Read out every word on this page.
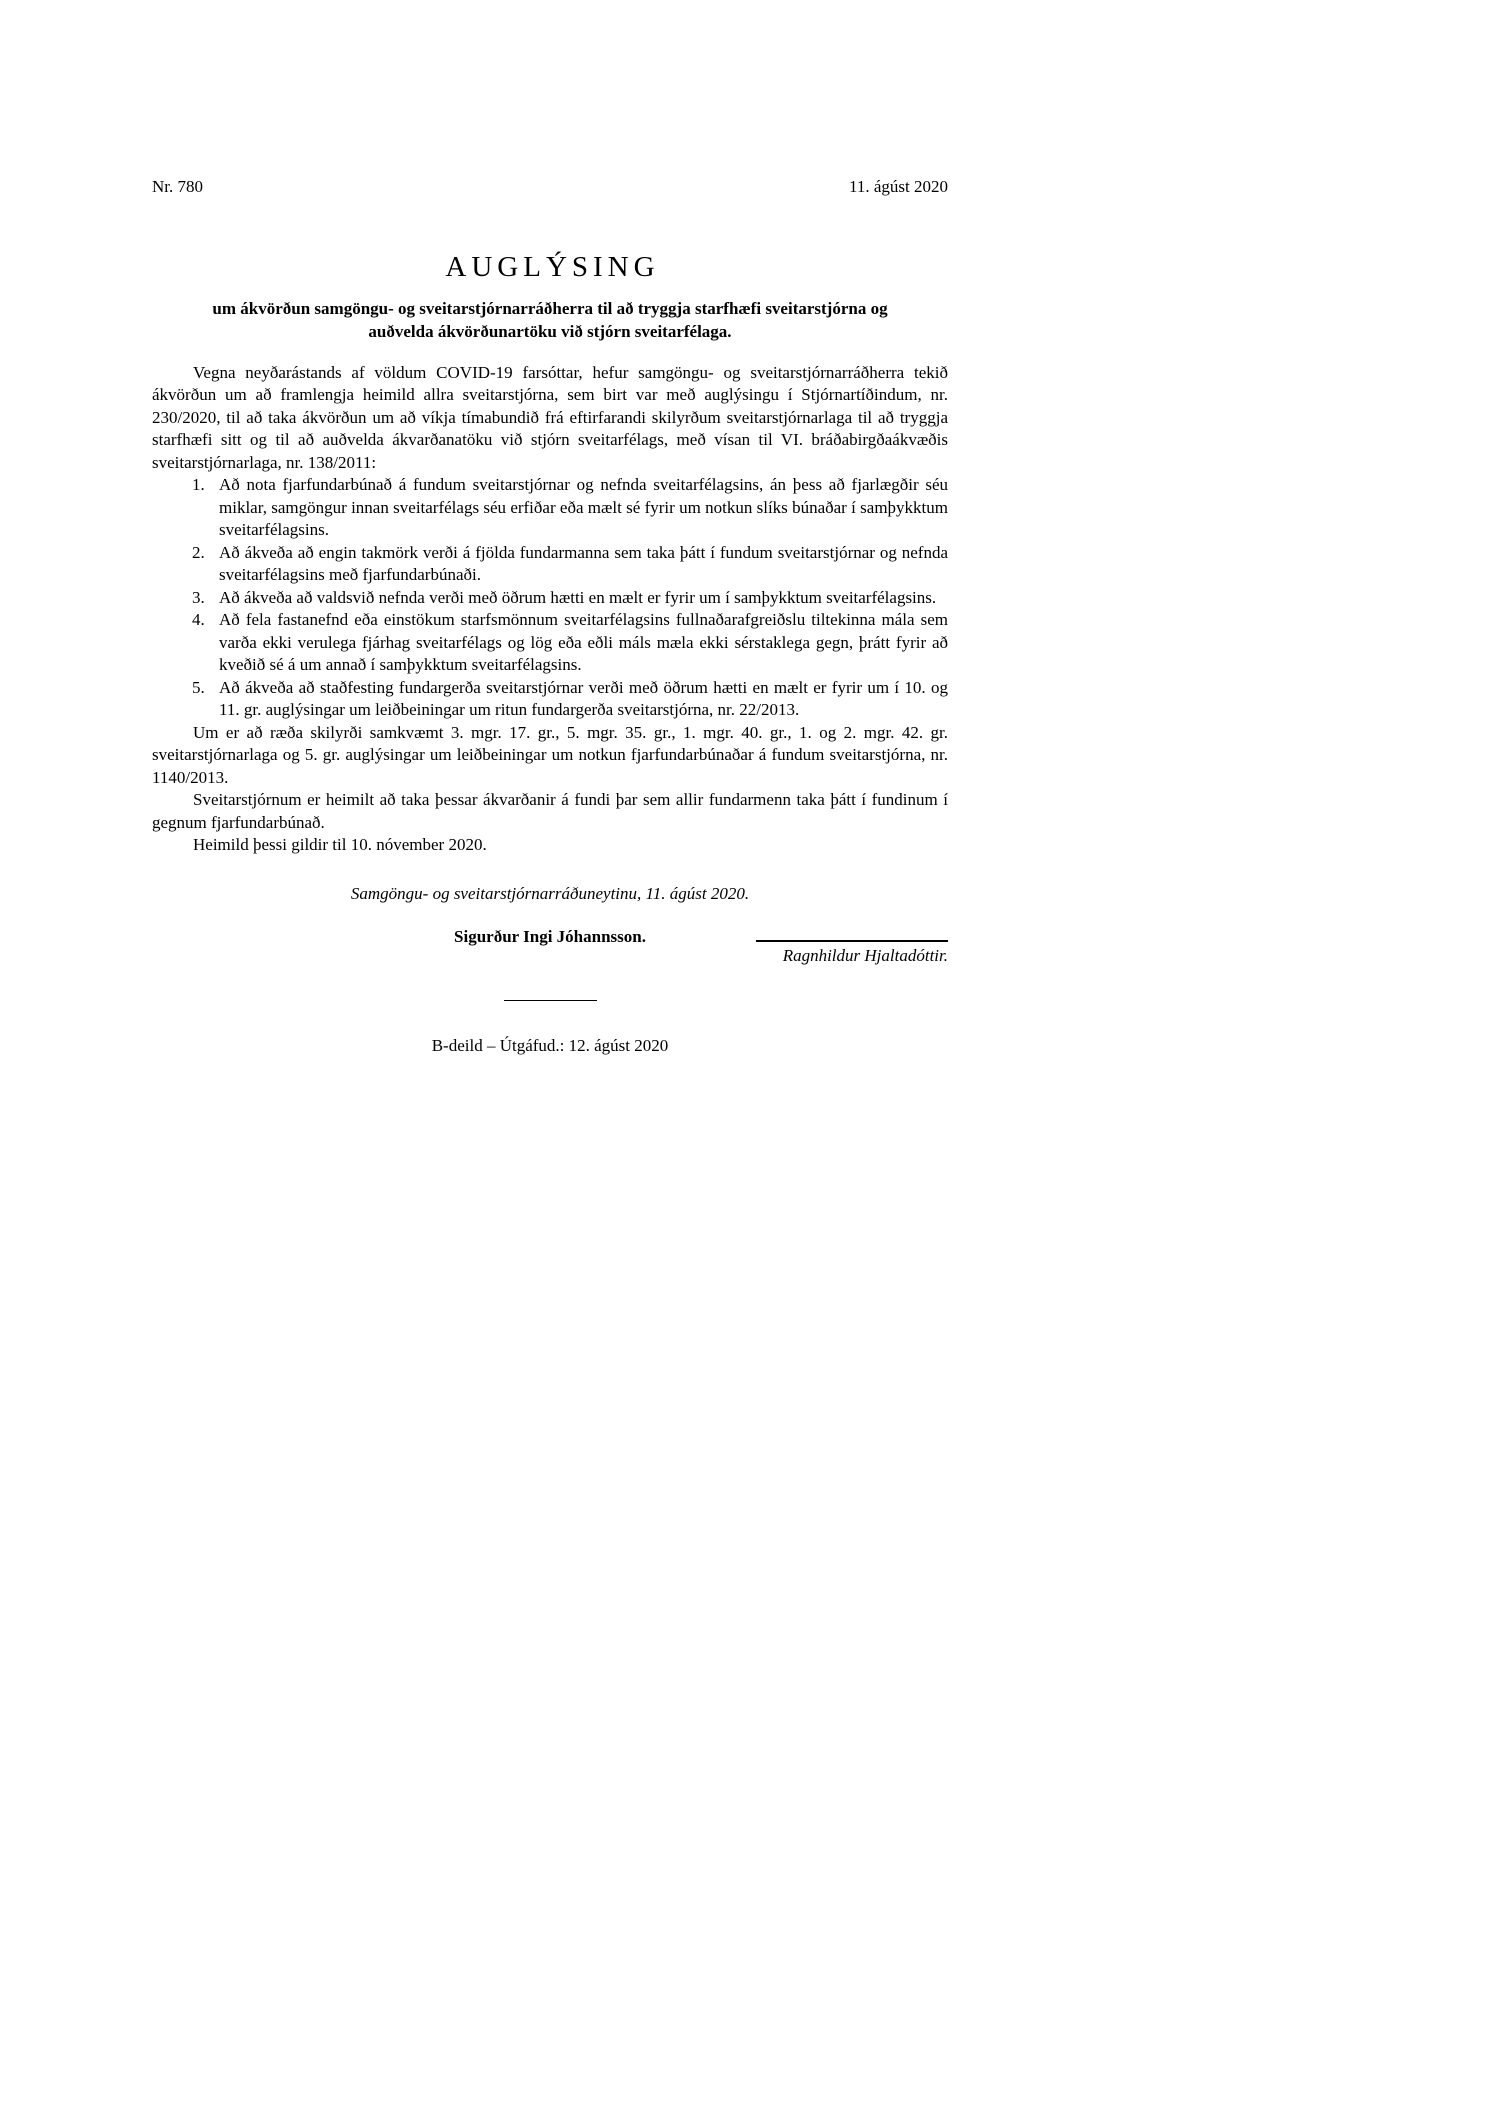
Nr. 780	11. ágúst 2020
AUGLÝSING
um ákvörðun samgöngu- og sveitarstjórnarráðherra til að tryggja starfhæfi sveitarstjórna og auðvelda ákvörðunartöku við stjórn sveitarfélaga.

Vegna neyðarástands af völdum COVID-19 farsóttar, hefur samgöngu- og sveitarstjórnarráðherra tekið ákvörðun um að framlengja heimild allra sveitarstjórna, sem birt var með auglýsingu í Stjórnartíðindum, nr. 230/2020, til að taka ákvörðun um að víkja tímabundið frá eftirfarandi skilyrðum sveitarstjórnarlaga til að tryggja starfhæfi sitt og til að auðvelda ákvarðanatöku við stjórn sveitarfélags, með vísan til VI. bráðabirgðaákvæðis sveitarstjórnarlaga, nr. 138/2011:

1. Að nota fjarfundarbúnað á fundum sveitarstjórnar og nefnda sveitarfélagsins, án þess að fjarlægðir séu miklar, samgöngur innan sveitarfélags séu erfiðar eða mælt sé fyrir um notkun slíks búnaðar í samþykktum sveitarfélagsins.
2. Að ákveða að engin takmörk verði á fjölda fundarmanna sem taka þátt í fundum sveitarstjórnar og nefnda sveitarfélagsins með fjarfundarbúnaði.
3. Að ákveða að valdsvið nefnda verði með öðrum hætti en mælt er fyrir um í samþykktum sveitarfélagsins.
4. Að fela fastanefnd eða einstökum starfsmönnum sveitarfélagsins fullnaðarafgreiðslu tiltekinna mála sem varða ekki verulega fjárhag sveitarfélags og lög eða eðli máls mæla ekki sérstaklega gegn, þrátt fyrir að kveðið sé á um annað í samþykktum sveitarfélagsins.
5. Að ákveða að staðfesting fundargerða sveitarstjórnar verði með öðrum hætti en mælt er fyrir um í 10. og 11. gr. auglýsingar um leiðbeiningar um ritun fundargerða sveitarstjórna, nr. 22/2013.

Um er að ræða skilyrði samkvæmt 3. mgr. 17. gr., 5. mgr. 35. gr., 1. mgr. 40. gr., 1. og 2. mgr. 42. gr. sveitarstjórnarlaga og 5. gr. auglýsingar um leiðbeiningar um notkun fjarfundarbúnaðar á fundum sveitarstjórna, nr. 1140/2013.

Sveitarstjórnum er heimilt að taka þessar ákvarðanir á fundi þar sem allir fundarmenn taka þátt í fundinum í gegnum fjarfundarbúnað.

Heimild þessi gildir til 10. nóvember 2020.

Samgöngu- og sveitarstjórnarráðuneytinu, 11. ágúst 2020.
Sigurður Ingi Jóhannsson.
Ragnhildur Hjaltadóttir.
B-deild – Útgáfud.: 12. ágúst 2020
